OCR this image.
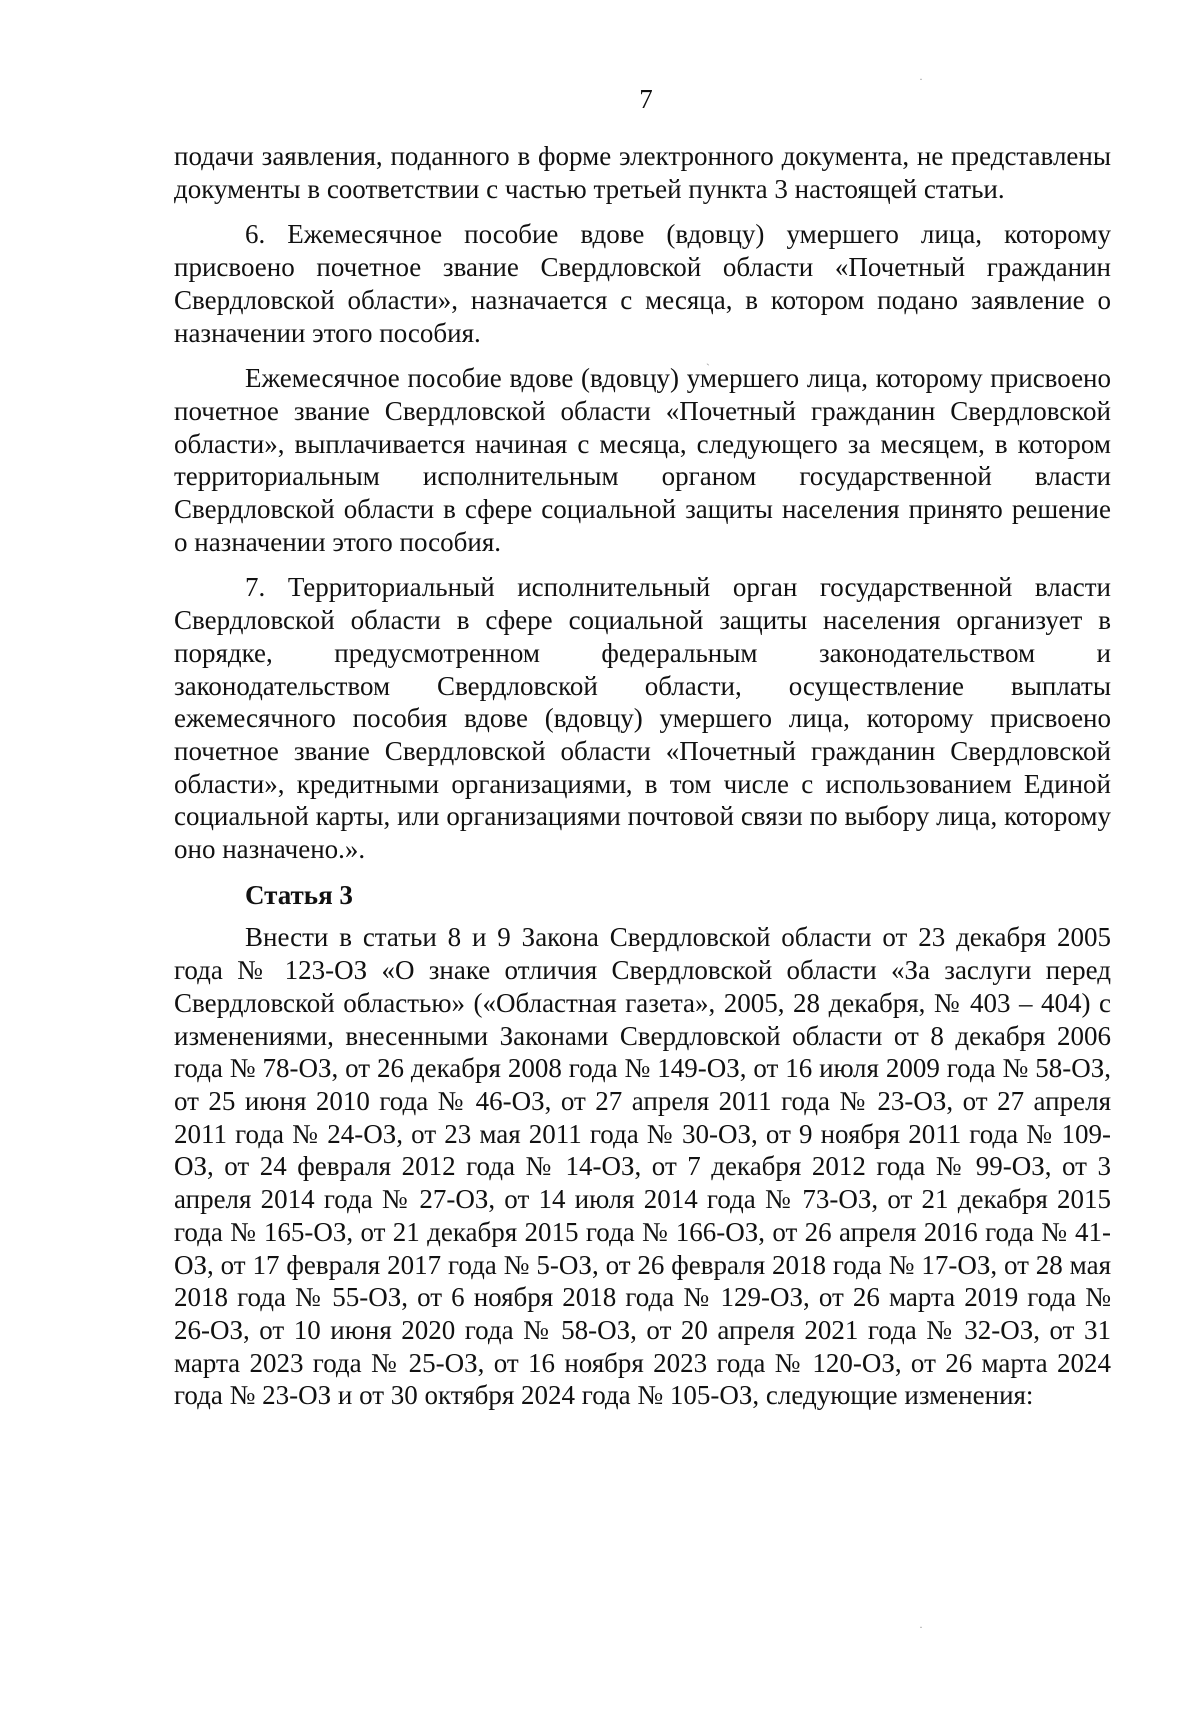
7

подачи заявления, поданного в форме электронного документа, не представлены документы в соответствии с частью третьей пункта 3 настоящей статьи.

6. Ежемесячное пособие вдове (вдовцу) умершего лица, которому присвоено почетное звание Свердловской области «Почетный гражданин Свердловской области», назначается с месяца, в котором подано заявление о назначении этого пособия.

Ежемесячное пособие вдове (вдовцу) умершего лица, которому присвоено почетное звание Свердловской области «Почетный гражданин Свердловской области», выплачивается начиная с месяца, следующего за месяцем, в котором территориальным исполнительным органом государственной власти Свердловской области в сфере социальной защиты населения принято решение о назначении этого пособия.

7. Территориальный исполнительный орган государственной власти Свердловской области в сфере социальной защиты населения организует в порядке, предусмотренном федеральным законодательством и законодательством Свердловской области, осуществление выплаты ежемесячного пособия вдове (вдовцу) умершего лица, которому присвоено почетное звание Свердловской области «Почетный гражданин Свердловской области», кредитными организациями, в том числе с использованием Единой социальной карты, или организациями почтовой связи по выбору лица, которому оно назначено.».

Статья 3

Внести в статьи 8 и 9 Закона Свердловской области от 23 декабря 2005 года № 123-ОЗ «О знаке отличия Свердловской области «За заслуги перед Свердловской областью» («Областная газета», 2005, 28 декабря, № 403 – 404) с изменениями, внесенными Законами Свердловской области от 8 декабря 2006 года № 78-ОЗ, от 26 декабря 2008 года № 149-ОЗ, от 16 июля 2009 года № 58-ОЗ, от 25 июня 2010 года № 46-ОЗ, от 27 апреля 2011 года № 23-ОЗ, от 27 апреля 2011 года № 24-ОЗ, от 23 мая 2011 года № 30-ОЗ, от 9 ноября 2011 года № 109-ОЗ, от 24 февраля 2012 года № 14-ОЗ, от 7 декабря 2012 года № 99-ОЗ, от 3 апреля 2014 года № 27-ОЗ, от 14 июля 2014 года № 73-ОЗ, от 21 декабря 2015 года № 165-ОЗ, от 21 декабря 2015 года № 166-ОЗ, от 26 апреля 2016 года № 41-ОЗ, от 17 февраля 2017 года № 5-ОЗ, от 26 февраля 2018 года № 17-ОЗ, от 28 мая 2018 года № 55-ОЗ, от 6 ноября 2018 года № 129-ОЗ, от 26 марта 2019 года № 26-ОЗ, от 10 июня 2020 года № 58-ОЗ, от 20 апреля 2021 года № 32-ОЗ, от 31 марта 2023 года № 25-ОЗ, от 16 ноября 2023 года № 120-ОЗ, от 26 марта 2024 года № 23-ОЗ и от 30 октября 2024 года № 105-ОЗ, следующие изменения:

·
ˏ
·
